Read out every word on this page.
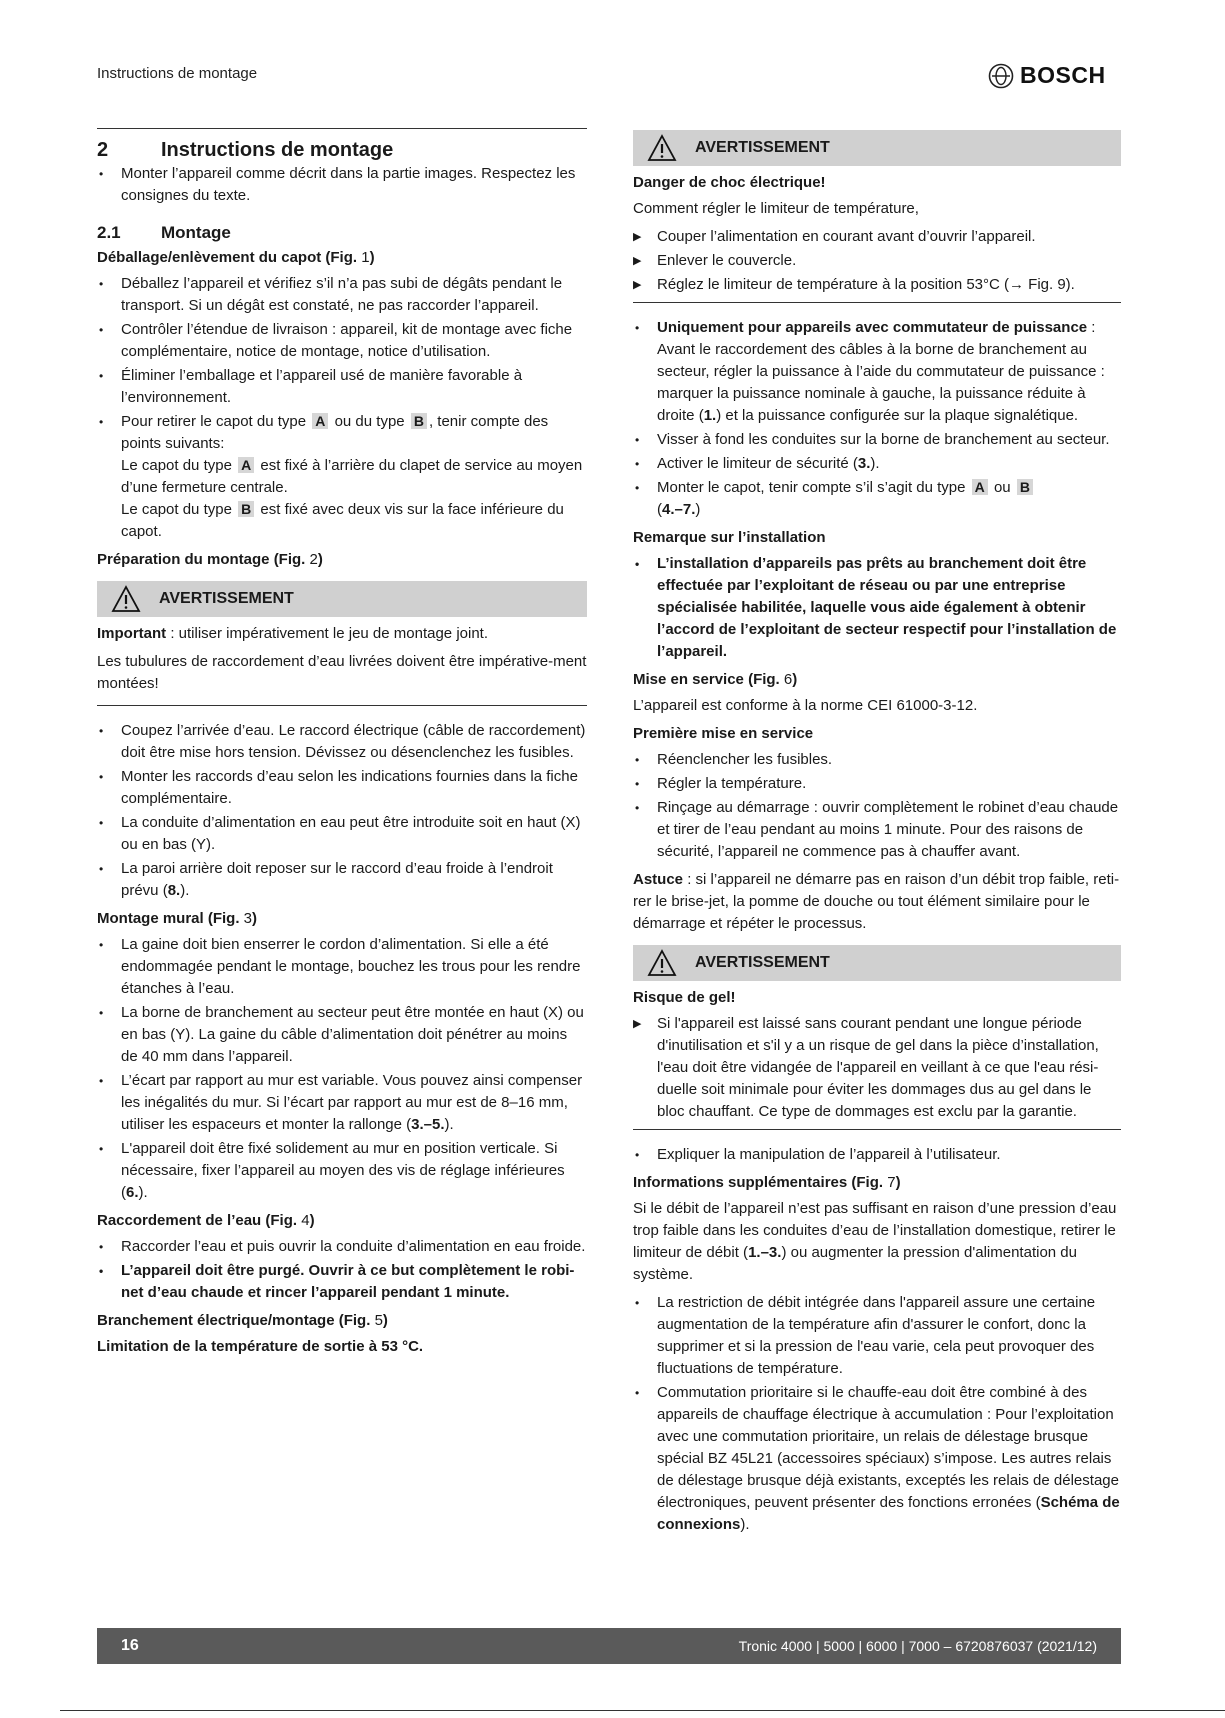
Instructions de montage	BOSCH
2	Instructions de montage
• Monter l’appareil comme décrit dans la partie images. Respectez les consignes du texte.
2.1	Montage
Déballage/enlèvement du capot (Fig. 1)
• Déballez l’appareil et vérifiez s’il n’a pas subi de dégâts pendant le transport. Si un dégât est constaté, ne pas raccorder l’appareil.
• Contrôler l’étendue de livraison : appareil, kit de montage avec fiche complémentaire, notice de montage, notice d’utilisation.
• Éliminer l’emballage et l’appareil usé de manière favorable à l’environnement.
• Pour retirer le capot du type A ou du type B , tenir compte des points suivants:
Le capot du type A est fixé à l’arrière du clapet de service au moyen d’une fermeture centrale.
Le capot du type B est fixé avec deux vis sur la face inférieure du capot.
Préparation du montage (Fig. 2)
AVERTISSEMENT

Important : utiliser impérativement le jeu de montage joint.

Les tubulures de raccordement d’eau livrées doivent être impérative-ment montées!

• Coupez l’arrivée d’eau. Le raccord électrique (câble de raccordement) doit être mise hors tension. Dévissez ou désenclenchez les fusibles.
• Monter les raccords d’eau selon les indications fournies dans la fiche complémentaire.
• La conduite d’alimentation en eau peut être introduite soit en haut (X) ou en bas (Y).
• La paroi arrière doit reposer sur le raccord d’eau froide à l’endroit prévu (8.).
Montage mural (Fig. 3)
• La gaine doit bien enserrer le cordon d’alimentation. Si elle a été endommagée pendant le montage, bouchez les trous pour les rendre étanches à l’eau.
• La borne de branchement au secteur peut être montée en haut (X) ou en bas (Y). La gaine du câble d’alimentation doit pénétrer au moins de 40 mm dans l’appareil.
• L’écart par rapport au mur est variable. Vous pouvez ainsi compenser les inégalités du mur. Si l’écart par rapport au mur est de 8–16 mm, utiliser les espaceurs et monter la rallonge (3.–5.).
• L'appareil doit être fixé solidement au mur en position verticale. Si nécessaire, fixer l’appareil au moyen des vis de réglage inférieures (6.).
Raccordement de l’eau (Fig. 4)
• Raccorder l’eau et puis ouvrir la conduite d’alimentation en eau froide.
• L’appareil doit être purgé. Ouvrir à ce but complètement le robi-net d’eau chaude et rincer l’appareil pendant 1 minute.
Branchement électrique/montage (Fig. 5)
Limitation de la température de sortie à 53 °C.
AVERTISSEMENT
Danger de choc électrique!

Comment régler le limiteur de température,

▶ Couper l’alimentation en courant avant d’ouvrir l’appareil.
▶ Enlever le couvercle.
▶ Réglez le limiteur de température à la position 53°C (→ Fig. 9).
• Uniquement pour appareils avec commutateur de puissance : Avant le raccordement des câbles à la borne de branchement au secteur, régler la puissance à l’aide du commutateur de puissance : marquer la puissance nominale à gauche, la puissance réduite à droite (1.) et la puissance configurée sur la plaque signalétique.
• Visser à fond les conduites sur la borne de branchement au secteur.
• Activer le limiteur de sécurité (3.).
• Monter le capot, tenir compte s’il s’agit du type A ou B
(4.–7.)
Remarque sur l’installation
• L’installation d’appareils pas prêts au branchement doit être effectuée par l’exploitant de réseau ou par une entreprise spécialisée habilitée, laquelle vous aide également à obtenir l’accord de l’exploitant de secteur respectif pour l’installation de l’appareil.
Mise en service (Fig. 6)

L’appareil est conforme à la norme CEI 61000-3-12.

Première mise en service
• Réenclencher les fusibles.
• Régler la température.
• Rinçage au démarrage : ouvrir complètement le robinet d’eau chaude et tirer de l’eau pendant au moins 1 minute. Pour des raisons de sécurité, l’appareil ne commence pas à chauffer avant.

Astuce : si l’appareil ne démarre pas en raison d’un débit trop faible, reti-rer le brise-jet, la pomme de douche ou tout élément similaire pour le démarrage et répéter le processus.

AVERTISSEMENT
Risque de gel!
▶ Si l'appareil est laissé sans courant pendant une longue période d'inutilisation et s'il y a un risque de gel dans la pièce d’installation, l'eau doit être vidangée de l'appareil en veillant à ce que l'eau rési-duelle soit minimale pour éviter les dommages dus au gel dans le bloc chauffant. Ce type de dommages est exclu par la garantie.
• Expliquer la manipulation de l’appareil à l’utilisateur.
Informations supplémentaires (Fig. 7)

Si le débit de l’appareil n’est pas suffisant en raison d’une pression d’eau trop faible dans les conduites d’eau de l’installation domestique, retirer le limiteur de débit (1.–3.) ou augmenter la pression d'alimentation du système.

• La restriction de débit intégrée dans l'appareil assure une certaine augmentation de la température afin d'assurer le confort, donc la supprimer et si la pression de l'eau varie, cela peut provoquer des fluctuations de température.
• Commutation prioritaire si le chauffe-eau doit être combiné à des appareils de chauffage électrique à accumulation : Pour l’exploitation avec une commutation prioritaire, un relais de délestage brusque spécial BZ 45L21 (accessoires spéciaux) s’impose. Les autres relais de délestage brusque déjà existants, exceptés les relais de délestage électroniques, peuvent présenter des fonctions erronées (Schéma de connexions).
16	Tronic 4000 | 5000 | 6000 | 7000 – 6720876037 (2021/12)
